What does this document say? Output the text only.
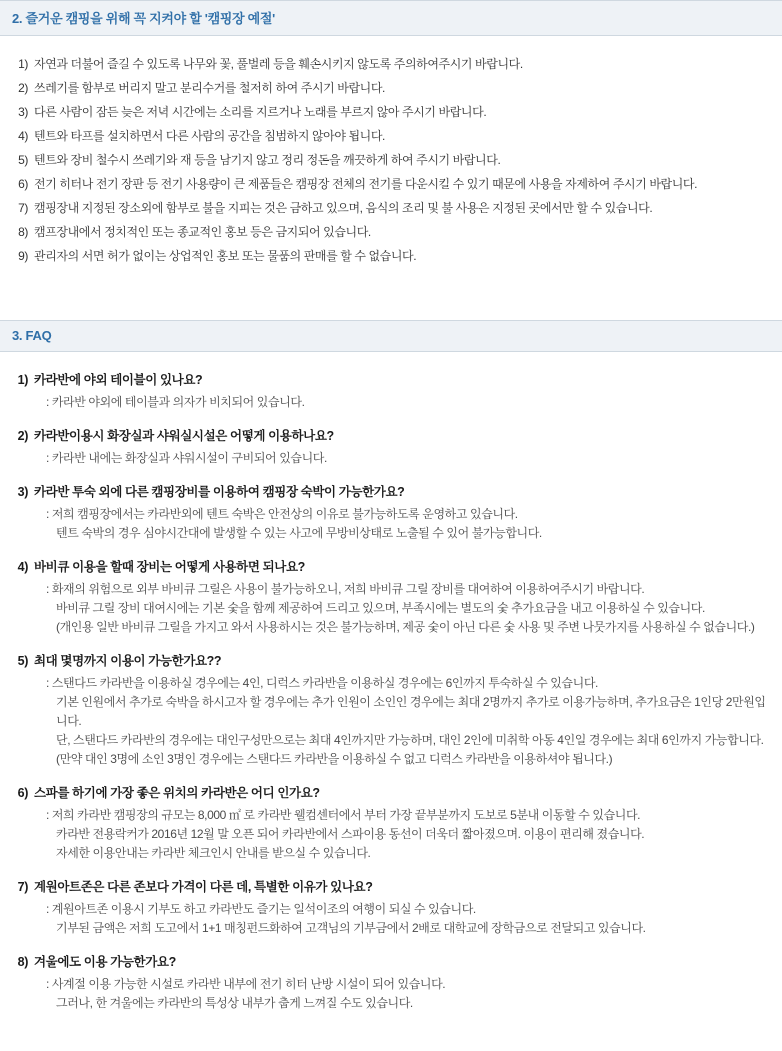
2. 즐거운 캠핑을 위해 꼭 지켜야 할 '캠핑장 예절'
1) 자연과 더불어 즐길 수 있도록 나무와 꽃, 풀벌레 등을 훼손시키지 않도록 주의하여주시기 바랍니다.
2) 쓰레기를 함부로 버리지 말고 분리수거를 철저히 하여 주시기 바랍니다.
3) 다른 사람이 잠든 늦은 저녁 시간에는 소리를 지르거나 노래를 부르지 않아 주시기 바랍니다.
4) 텐트와 타프를 설치하면서 다른 사람의 공간을 침범하지 않아야 됩니다.
5) 텐트와 장비 철수시 쓰레기와 재 등을 남기지 않고 정리 정돈을 깨끗하게 하여 주시기 바랍니다.
6) 전기 히터나 전기 장판 등 전기 사용량이 큰 제품들은 캠핑장 전체의 전기를 다운시킬 수 있기 때문에 사용을 자제하여 주시기 바랍니다.
7) 캠핑장내 지정된 장소외에 함부로 불을 지피는 것은 금하고 있으며, 음식의 조리 및 불 사용은 지정된 곳에서만 할 수 있습니다.
8) 캠프장내에서 정치적인 또는 종교적인 홍보 등은 금지되어 있습니다.
9) 관리자의 서면 허가 없이는 상업적인 홍보 또는 물품의 판매를 할 수 없습니다.
3. FAQ
1) 카라반에 야외 테이블이 있나요?
: 카라반 야외에 테이블과 의자가 비치되어 있습니다.
2) 카라반이용시 화장실과 샤워실시설은 어떻게 이용하나요?
: 카라반 내에는 화장실과 샤워시설이 구비되어 있습니다.
3) 카라반 투숙 외에 다른 캠핑장비를 이용하여 캠핑장 숙박이 가능한가요?
: 저희 캠핑장에서는 카라반외에 텐트 숙박은 안전상의 이유로 불가능하도록 운영하고 있습니다.
텐트 숙박의 경우 심야시간대에 발생할 수 있는 사고에 무방비상태로 노출될 수 있어 불가능합니다.
4) 바비큐 이용을 할때 장비는 어떻게 사용하면 되나요?
: 화재의 위험으로 외부 바비큐 그릴은 사용이 불가능하오니, 저희 바비큐 그릴 장비를 대여하여 이용하여주시기 바랍니다.
바비큐 그릴 장비 대여시에는 기본 숯을 함께 제공하여 드리고 있으며, 부족시에는 별도의 숯 추가요금을 내고 이용하실 수 있습니다.
(개인용 일반 바비큐 그릴을 가지고 와서 사용하시는 것은 불가능하며, 제공 숯이 아닌 다른 숯 사용 및 주변 나뭇가지를 사용하실 수 없습니다.)
5) 최대 몇명까지 이용이 가능한가요??
: 스탠다드 카라반을 이용하실 경우에는 4인, 디럭스 카라반을 이용하실 경우에는 6인까지 투숙하실 수 있습니다.
기본 인원에서 추가로 숙박을 하시고자 할 경우에는 추가 인원이 소인인 경우에는 최대 2명까지 추가로 이용가능하며, 추가요금은 1인당 2만원입니다.
단, 스탠다드 카라반의 경우에는 대인구성만으로는 최대 4인까지만 가능하며, 대인 2인에 미취학 아동 4인일 경우에는 최대 6인까지 가능합니다.
(만약 대인 3명에 소인 3명인 경우에는 스탠다드 카라반을 이용하실 수 없고 디럭스 카라반을 이용하셔야 됩니다.)
6) 스파를 하기에 가장 좋은 위치의 카라반은 어디 인가요?
: 저희 카라반 캠핑장의 규모는 8,000 ㎡ 로 카라반 웰컴센터에서 부터 가장 끝부분까지 도보로 5분내 이동할 수 있습니다.
카라반 전용락커가 2016년 12월 말 오픈 되어 카라반에서 스파이용 동선이 더욱더 짧아졌으며. 이용이 편리해 졌습니다.
자세한 이용안내는 카라반 체크인시 안내를 받으실 수 있습니다.
7) 계원아트존은 다른 존보다 가격이 다른 데, 특별한 이유가 있나요?
: 계원아트존 이용시 기부도 하고 카라반도 즐기는 일석이조의 여행이 되실 수 있습니다.
기부된 금액은 저희 도고에서 1+1 매칭펀드화하여 고객님의 기부금에서 2배로 대학교에 장학금으로 전달되고 있습니다.
8) 겨울에도 이용 가능한가요?
: 사계절 이용 가능한 시설로 카라반 내부에 전기 히터 난방 시설이 되어 있습니다.
그러나, 한 겨울에는 카라반의 특성상 내부가 춥게 느껴질 수도 있습니다.
